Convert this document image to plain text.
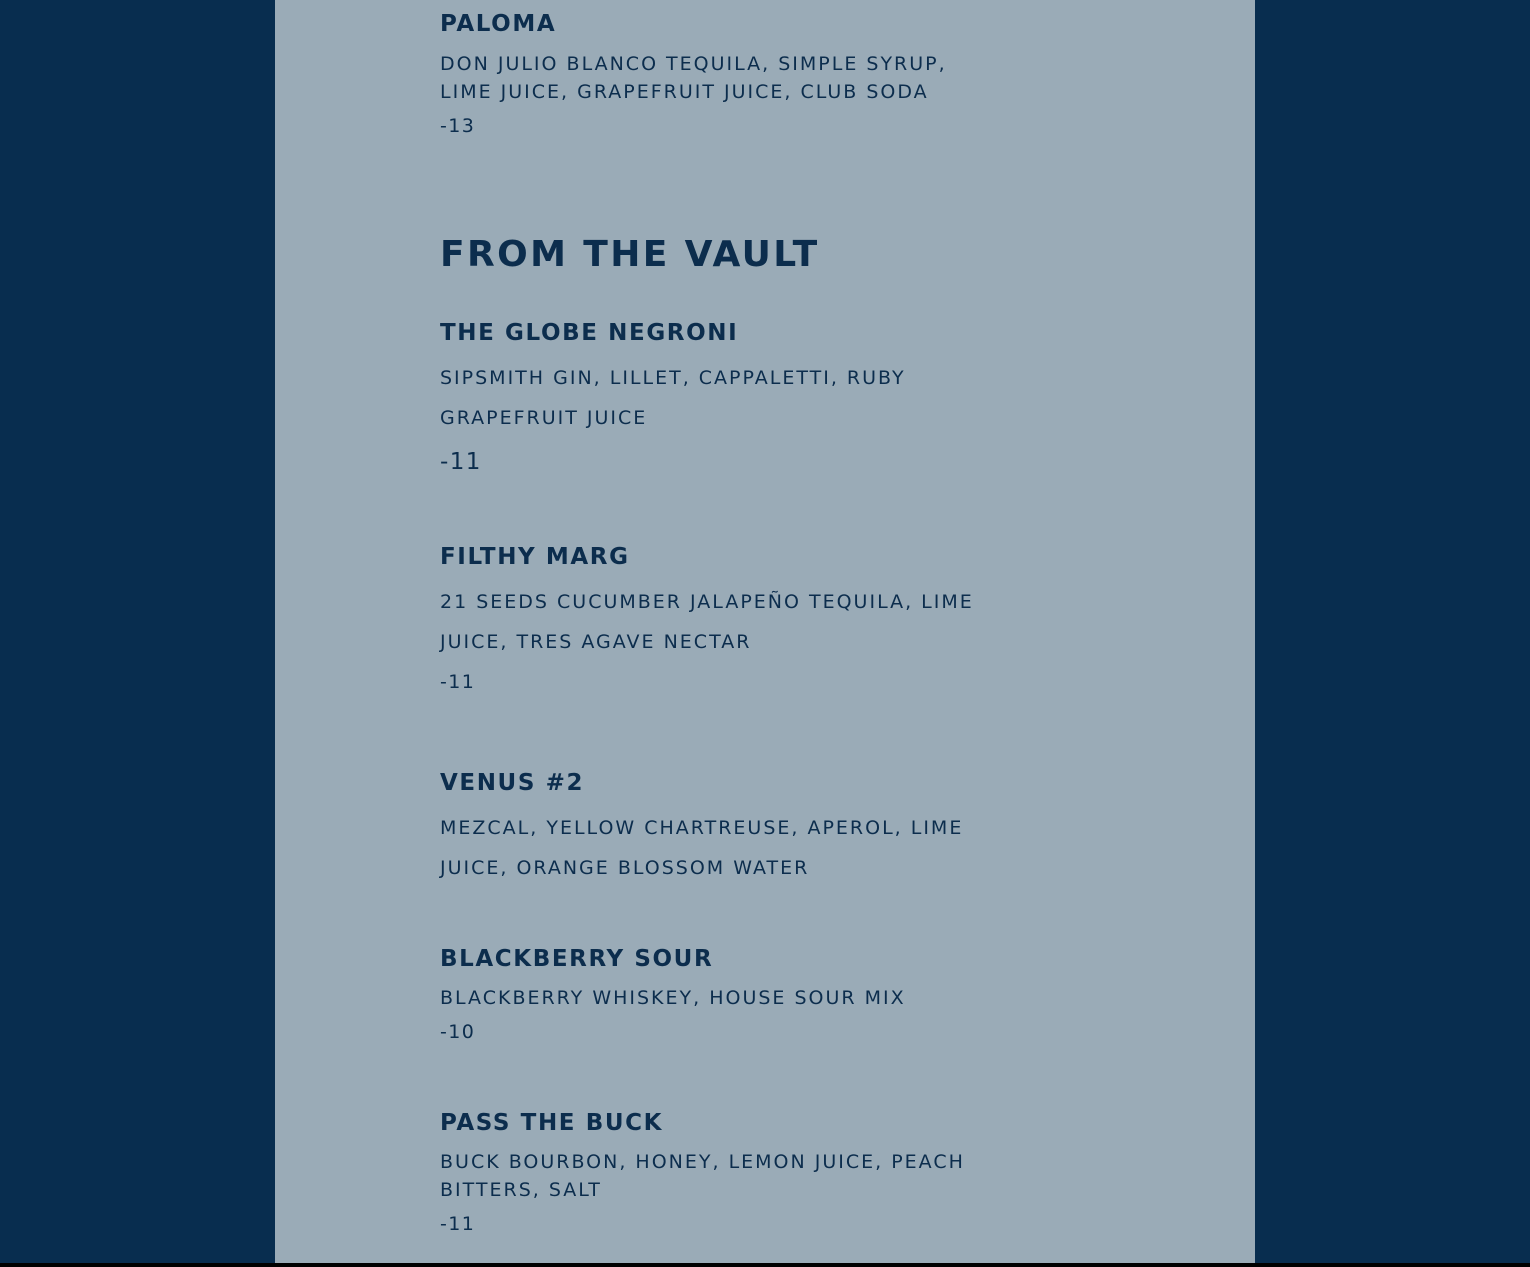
PALOMA

DON JULIO BLANCO TEQUILA, SIMPLE SYRUP,
LIME JUICE, GRAPEFRUIT JUICE, CLUB SODA

-13

FROM THE VAULT
THE GLOBE NEGRONI

SIPSMITH GIN, LILLET, CAPPALETTI, RUBY
GRAPEFRUIT JUICE

-11

FILTHY MARG

21 SEEDS CUCUMBER JALAPEÑO TEQUILA, LIME
JUICE, TRES AGAVE NECTAR

-11

VENUS #2

MEZCAL, YELLOW CHARTREUSE, APEROL, LIME
JUICE, ORANGE BLOSSOM WATER

BLACKBERRY SOUR

BLACKBERRY WHISKEY, HOUSE SOUR MIX

-10

PASS THE BUCK

BUCK BOURBON, HONEY, LEMON JUICE, PEACH
BITTERS, SALT

-11
